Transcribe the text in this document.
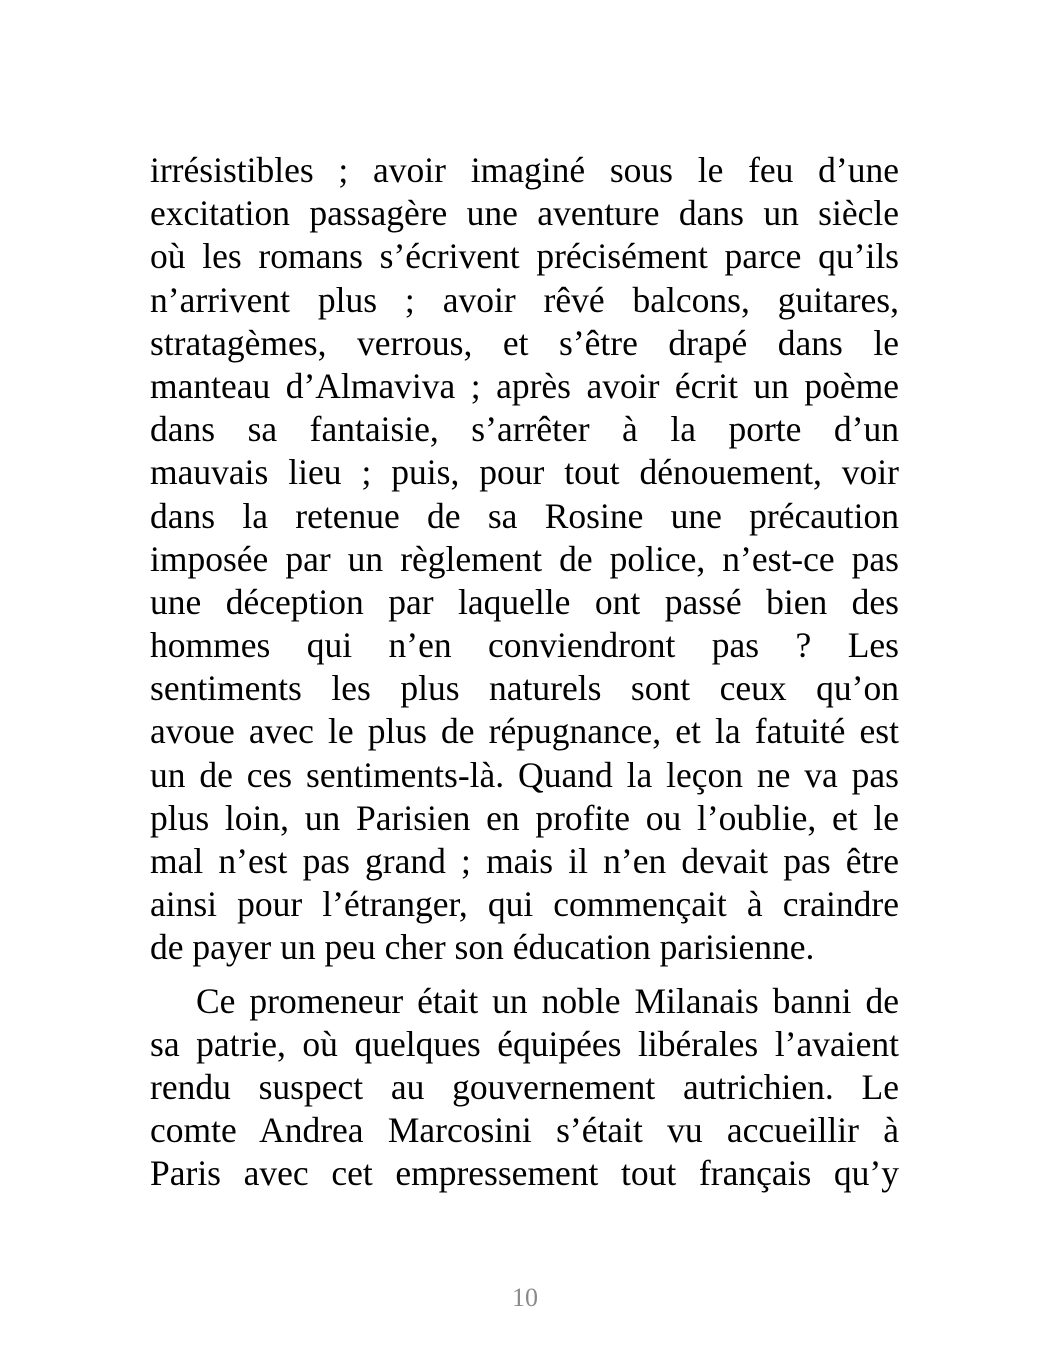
irrésistibles ; avoir imaginé sous le feu d’une
excitation passagère une aventure dans un siècle
où les romans s’écrivent précisément parce qu’ils
n’arrivent plus ; avoir rêvé balcons, guitares,
stratagèmes, verrous, et s’être drapé dans le
manteau d’Almaviva ; après avoir écrit un poème
dans sa fantaisie, s’arrêter à la porte d’un
mauvais lieu ; puis, pour tout dénouement, voir
dans la retenue de sa Rosine une précaution
imposée par un règlement de police, n’est-ce pas
une déception par laquelle ont passé bien des
hommes qui n’en conviendront pas ? Les
sentiments les plus naturels sont ceux qu’on
avoue avec le plus de répugnance, et la fatuité est
un de ces sentiments-là. Quand la leçon ne va pas
plus loin, un Parisien en profite ou l’oublie, et le
mal n’est pas grand ; mais il n’en devait pas être
ainsi pour l’étranger, qui commençait à craindre
de payer un peu cher son éducation parisienne.
Ce promeneur était un noble Milanais banni de
sa patrie, où quelques équipées libérales l’avaient
rendu suspect au gouvernement autrichien. Le
comte Andrea Marcosini s’était vu accueillir à
Paris avec cet empressement tout français qu’y
10
